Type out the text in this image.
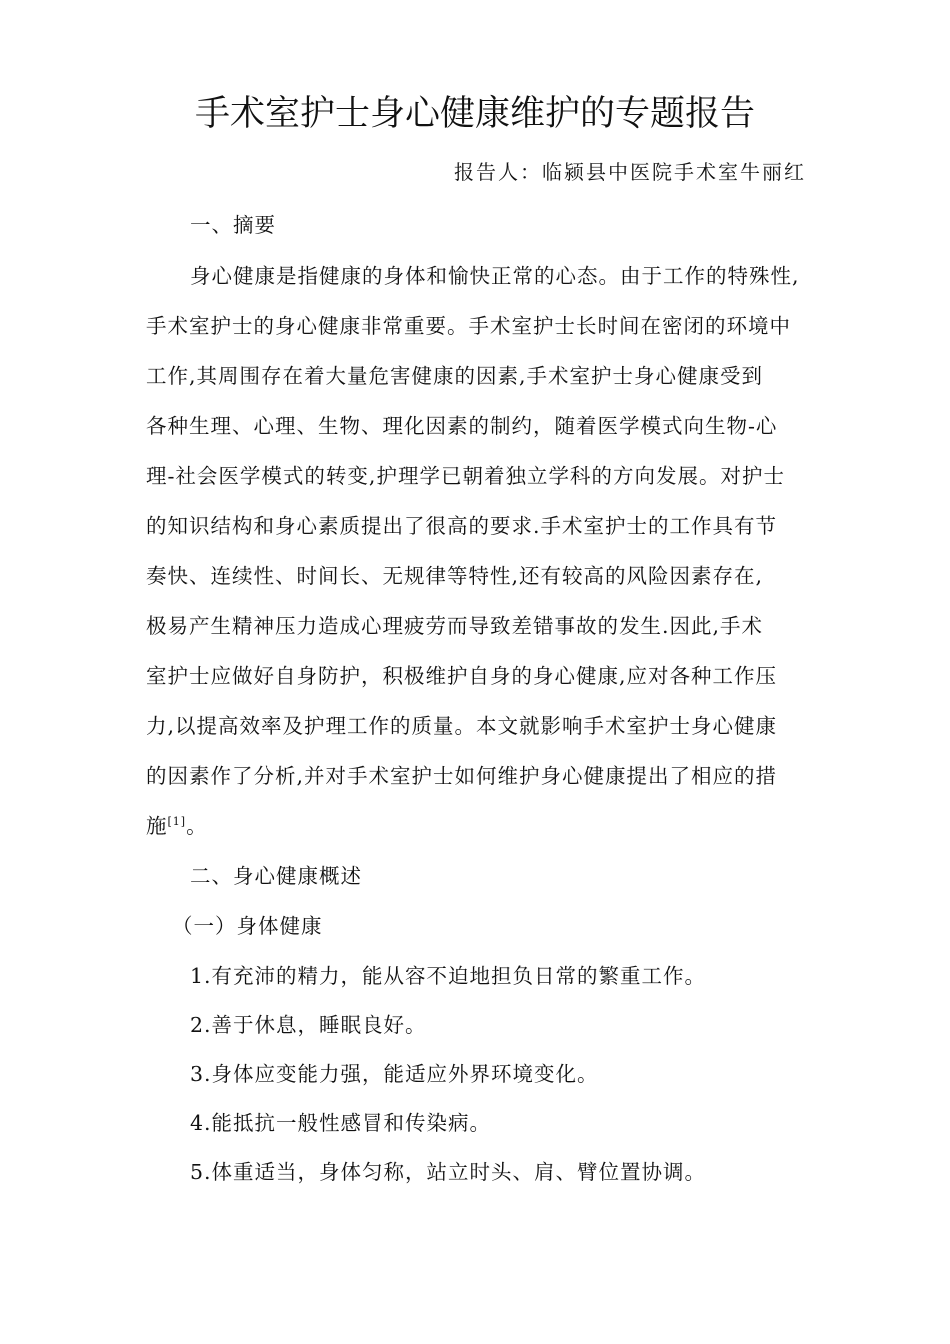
手术室护士身心健康维护的专题报告

报告人：临颍县中医院手术室牛丽红

一、摘要

身心健康是指健康的身体和愉快正常的心态。由于工作的特殊性,

手术室护士的身心健康非常重要。手术室护士长时间在密闭的环境中

工作,其周围存在着大量危害健康的因素,手术室护士身心健康受到

各种生理、心理、生物、理化因素的制约，随着医学模式向生物-心

理-社会医学模式的转变,护理学已朝着独立学科的方向发展。对护士

的知识结构和身心素质提出了很高的要求.手术室护士的工作具有节

奏快、连续性、时间长、无规律等特性,还有较高的风险因素存在,

极易产生精神压力造成心理疲劳而导致差错事故的发生.因此,手术

室护士应做好自身防护，积极维护自身的身心健康,应对各种工作压

力,以提高效率及护理工作的质量。本文就影响手术室护士身心健康

的因素作了分析,并对手术室护士如何维护身心健康提出了相应的措

施[1]。

二、身心健康概述

（一）身体健康

1.有充沛的精力，能从容不迫地担负日常的繁重工作。

2.善于休息，睡眠良好。

3.身体应变能力强，能适应外界环境变化。

4.能抵抗一般性感冒和传染病。

5.体重适当，身体匀称，站立时头、肩、臂位置协调。
